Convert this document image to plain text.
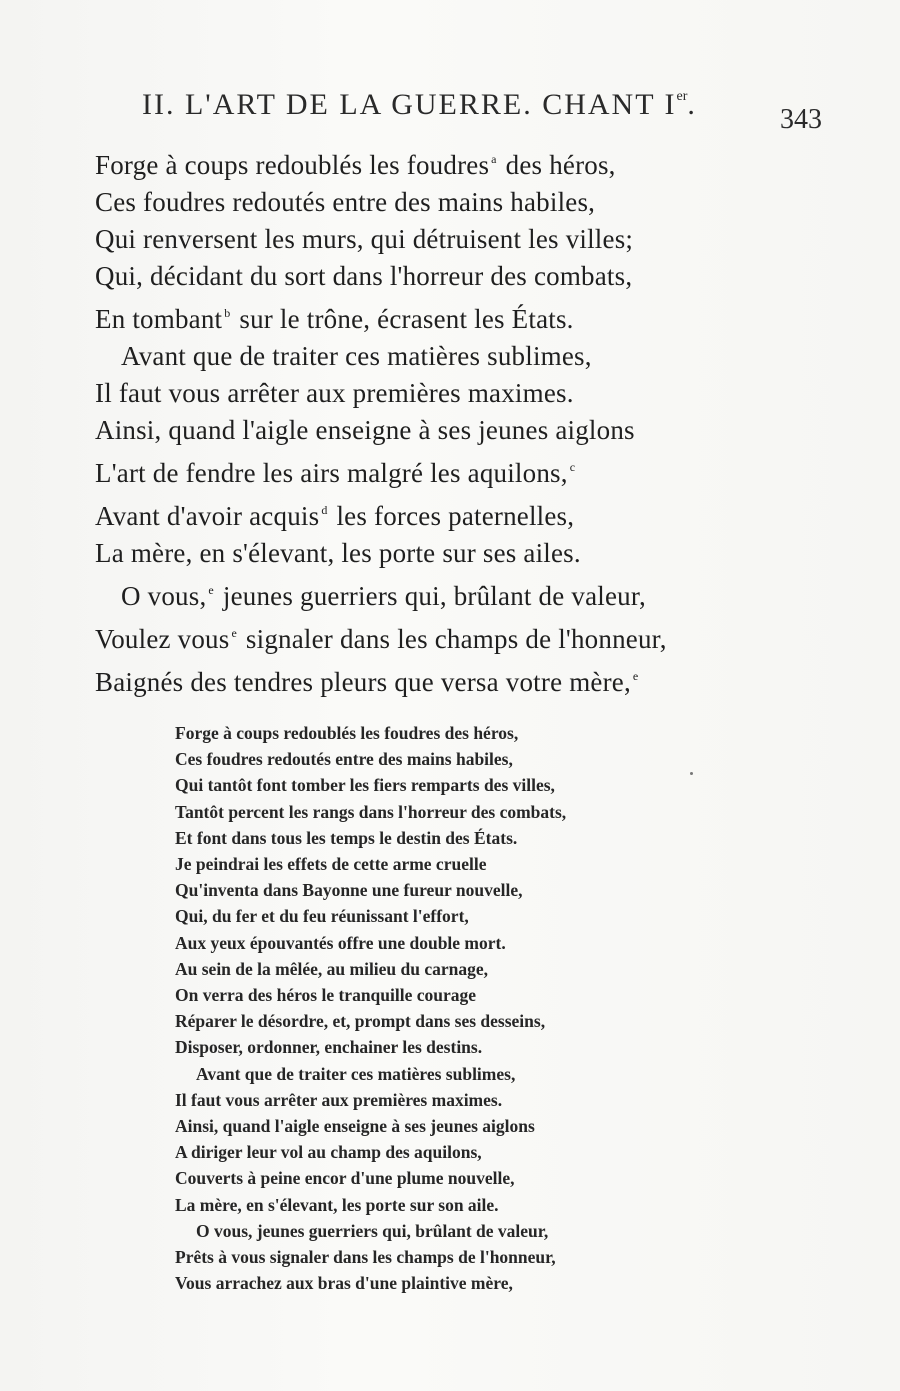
II. L'ART DE LA GUERRE. CHANT Ier.	343
Forge à coups redoublés les foudres $^a$ des héros,
Ces foudres redoutés entre des mains habiles,
Qui renversent les murs, qui détruisent les villes;
Qui, décidant du sort dans l'horreur des combats,
En tombant $^b$ sur le trône, écrasent les États.
Avant que de traiter ces matières sublimes,
Il faut vous arrêter aux premières maximes.
Ainsi, quand l'aigle enseigne à ses jeunes aiglons
L'art de fendre les airs malgré les aquilons, $^c$
Avant d'avoir acquis $^d$ les forces paternelles,
La mère, en s'élevant, les porte sur ses ailes.
O vous, $^e$ jeunes guerriers qui, brûlant de valeur,
Voulez vous $^e$ signaler dans les champs de l'honneur,
Baignés des tendres pleurs que versa votre mère, $^e$
Forge à coups redoublés les foudres des héros,
Ces foudres redoutés entre des mains habiles,
Qui tantôt font tomber les fiers remparts des villes,
Tantôt percent les rangs dans l'horreur des combats,
Et font dans tous les temps le destin des États.
Je peindrai les effets de cette arme cruelle
Qu'inventa dans Bayonne une fureur nouvelle,
Qui, du fer et du feu réunissant l'effort,
Aux yeux épouvantés offre une double mort.
Au sein de la mêlée, au milieu du carnage,
On verra des héros le tranquille courage
Réparer le désordre, et, prompt dans ses desseins,
Disposer, ordonner, enchainer les destins.
Avant que de traiter ces matières sublimes,
Il faut vous arrêter aux premières maximes.
Ainsi, quand l'aigle enseigne à ses jeunes aiglons
A diriger leur vol au champ des aquilons,
Couverts à peine encor d'une plume nouvelle,
La mère, en s'élevant, les porte sur son aile.
O vous, jeunes guerriers qui, brûlant de valeur,
Prêts à vous signaler dans les champs de l'honneur,
Vous arrachez aux bras d'une plaintive mère,
